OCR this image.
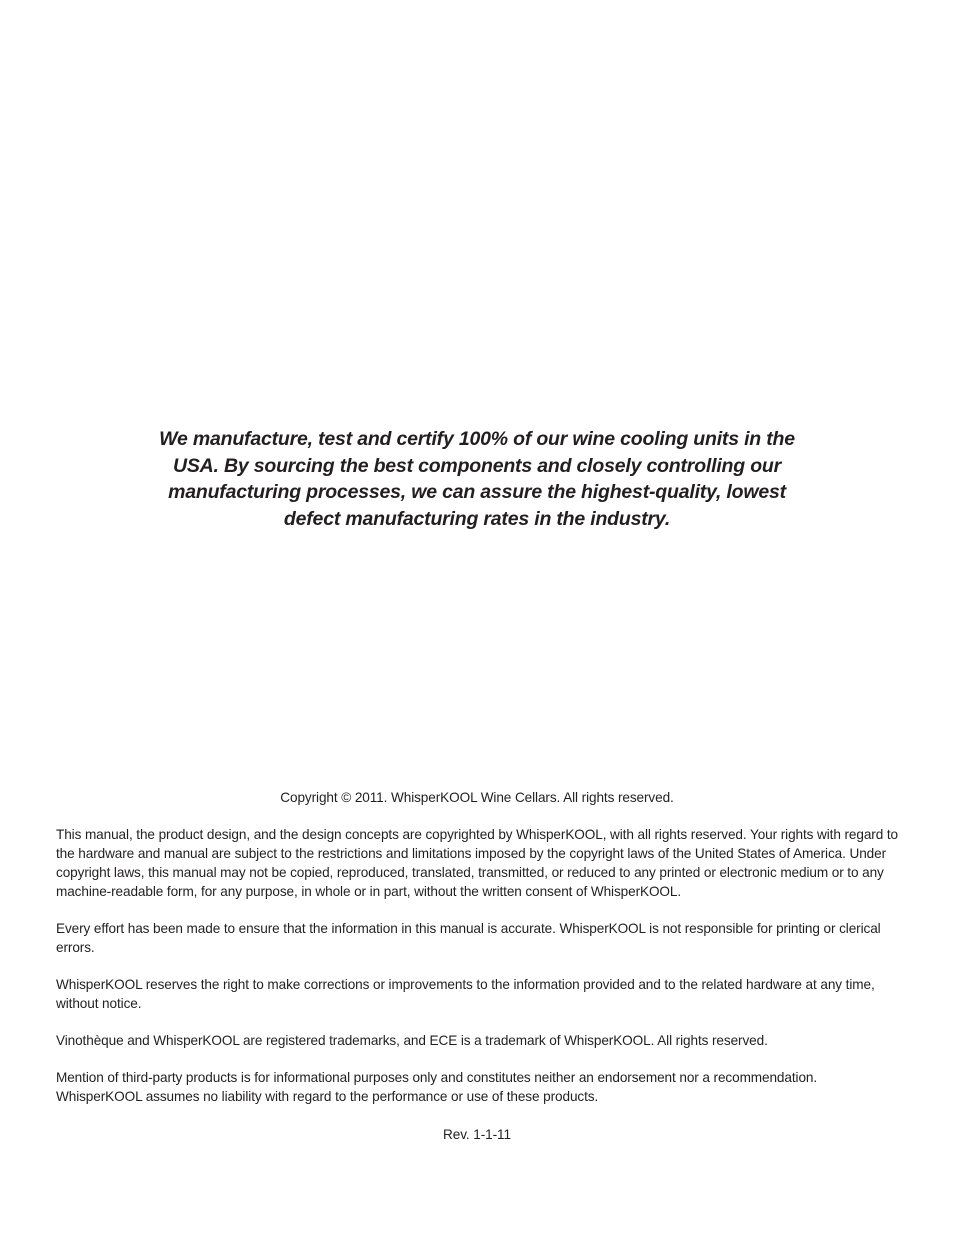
We manufacture, test and certify 100% of our wine cooling units in the USA. By sourcing the best components and closely controlling our manufacturing processes, we can assure the highest-quality, lowest defect manufacturing rates in the industry.

Copyright © 2011. WhisperKOOL Wine Cellars. All rights reserved.

This manual, the product design, and the design concepts are copyrighted by WhisperKOOL, with all rights reserved. Your rights with regard to the hardware and manual are subject to the restrictions and limitations imposed by the copyright laws of the United States of America. Under copyright laws, this manual may not be copied, reproduced, translated, transmitted, or reduced to any printed or electronic medium or to any machine-readable form, for any purpose, in whole or in part, without the written consent of WhisperKOOL.

Every effort has been made to ensure that the information in this manual is accurate. WhisperKOOL is not responsible for printing or clerical errors.

WhisperKOOL reserves the right to make corrections or improvements to the information provided and to the related hardware at any time, without notice.

Vinothèque and WhisperKOOL are registered trademarks, and ECE is a trademark of WhisperKOOL. All rights reserved.

Mention of third-party products is for informational purposes only and constitutes neither an endorsement nor a recommendation. WhisperKOOL assumes no liability with regard to the performance or use of these products.

Rev. 1-1-11
